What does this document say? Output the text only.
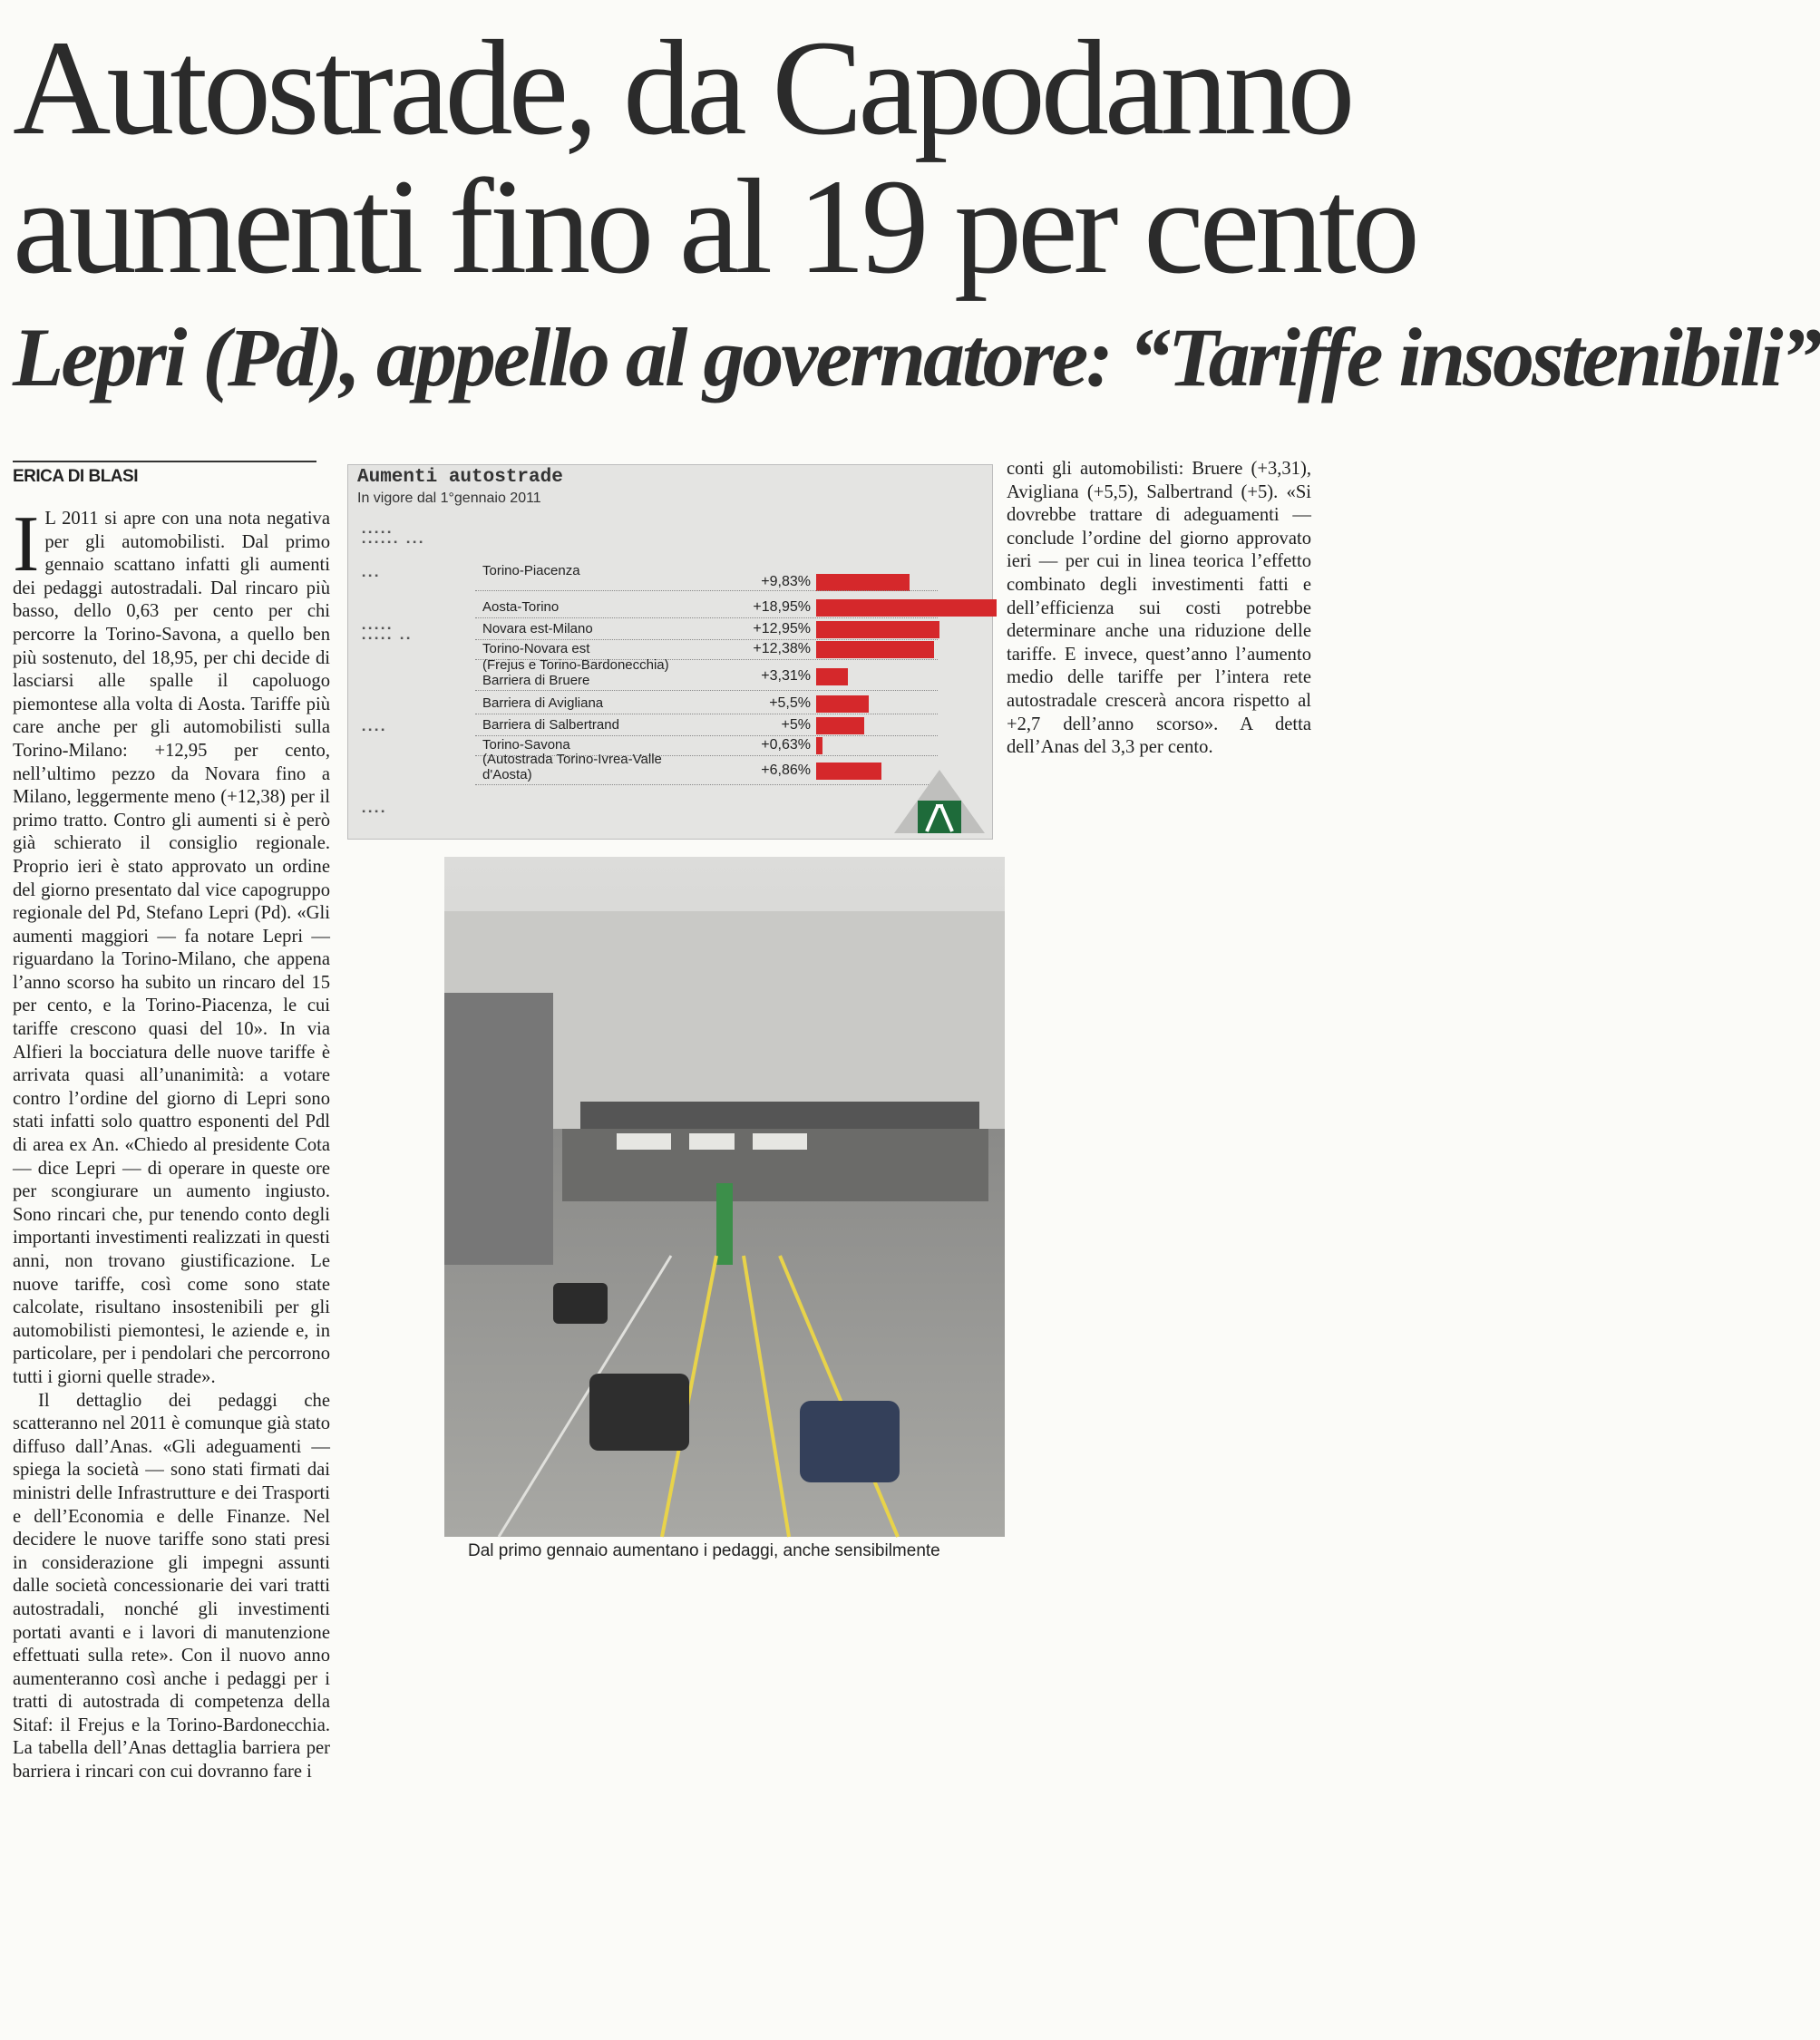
Autostrade, da Capodanno
aumenti fino al 19 per cento
Lepri (Pd), appello al governatore: “Tariffe insostenibili”
ERICA DI BLASI

I L 2011 si apre con una nota negativa per gli automobilisti. Dal primo gennaio scattano infatti gli aumenti dei pedaggi autostradali. Dal rincaro più basso, dello 0,63 per cento per chi percorre la Torino-Savona, a quello ben più sostenuto, del 18,95, per chi decide di lasciarsi alle spalle il capoluogo piemontese alla volta di Aosta. Tariffe più care anche per gli automobilisti sulla Torino-Milano: +12,95 per cento, nell’ultimo pezzo da Novara fino a Milano, leggermente meno (+12,38) per il primo tratto. Contro gli aumenti si è però già schierato il consiglio regionale. Proprio ieri è stato approvato un ordine del giorno presentato dal vice capogruppo regionale del Pd, Stefano Lepri (Pd). «Gli aumenti maggiori — fa notare Lepri — riguardano la Torino-Milano, che appena l’anno scorso ha subito un rincaro del 15 per cento, e la Torino-Piacenza, le cui tariffe crescono quasi del 10». In via Alfieri la bocciatura delle nuove tariffe è arrivata quasi all’unanimità: a votare contro l’ordine del giorno di Lepri sono stati infatti solo quattro esponenti del Pdl di area ex An. «Chiedo al presidente Cota — dice Lepri — di operare in queste ore per scongiurare un aumento ingiusto. Sono rincari che, pur tenendo conto degli importanti investimenti realizzati in questi anni, non trovano giustificazione. Le nuove tariffe, così come sono state calcolate, risultano insostenibili per gli automobilisti piemontesi, le aziende e, in particolare, per i pendolari che percorrono tutti i giorni quelle strade».

Il dettaglio dei pedaggi che scatteranno nel 2011 è comunque già stato diffuso dall’Anas. «Gli adeguamenti — spiega la società — sono stati firmati dai ministri delle Infrastrutture e dei Trasporti e dell’Economia e delle Finanze. Nel decidere le nuove tariffe sono stati presi in considerazione gli impegni assunti dalle società concessionarie dei vari tratti autostradali, nonché gli investimenti portati avanti e i lavori di manutenzione effettuati sulla rete». Con il nuovo anno aumenteranno così anche i pedaggi per i tratti di autostrada di competenza della Sitaf: il Frejus e la Torino-Bardonecchia. La tabella dell’Anas dettaglia barriera per barriera i rincari con cui dovranno fare i

conti gli automobilisti: Bruere (+3,31), Avigliana (+5,5), Salbertrand (+5). «Si dovrebbe trattare di adeguamenti — conclude l’ordine del giorno approvato ieri — per cui in linea teorica l’effetto combinato degli investimenti fatti e dell’efficienza sui costi potrebbe determinare anche una riduzione delle tariffe. E invece, quest’anno l’aumento medio delle tariffe per l’intera rete autostradale crescerà ancora rispetto al +2,7 dell’anno scorso». A detta dell’Anas del 3,3 per cento.

Aumenti autostrade
In vigore dal 1°gennaio 2011
Torino-Piacenza
+9,83%
Aosta-Torino	+18,95%
Novara est-Milano	+12,95%
Torino-Novara est	+12,38%
(Frejus e Torino-Bardonecchia) Barriera di Bruere	+3,31%
Barriera di Avigliana	+5,5%
Barriera di Salbertrand	+5%
Torino-Savona	+0,63%
(Autostrada Torino-Ivrea-Valle d'Aosta)	+6,86%
▪▪▪▪▪
▪▪▪▪▪▪ ▪▪▪
▪▪▪
▪▪▪▪▪
▪▪▪▪▪ ▪▪
▪▪▪▪
▪▪▪▪
Dal primo gennaio aumentano i pedaggi, anche sensibilmente
